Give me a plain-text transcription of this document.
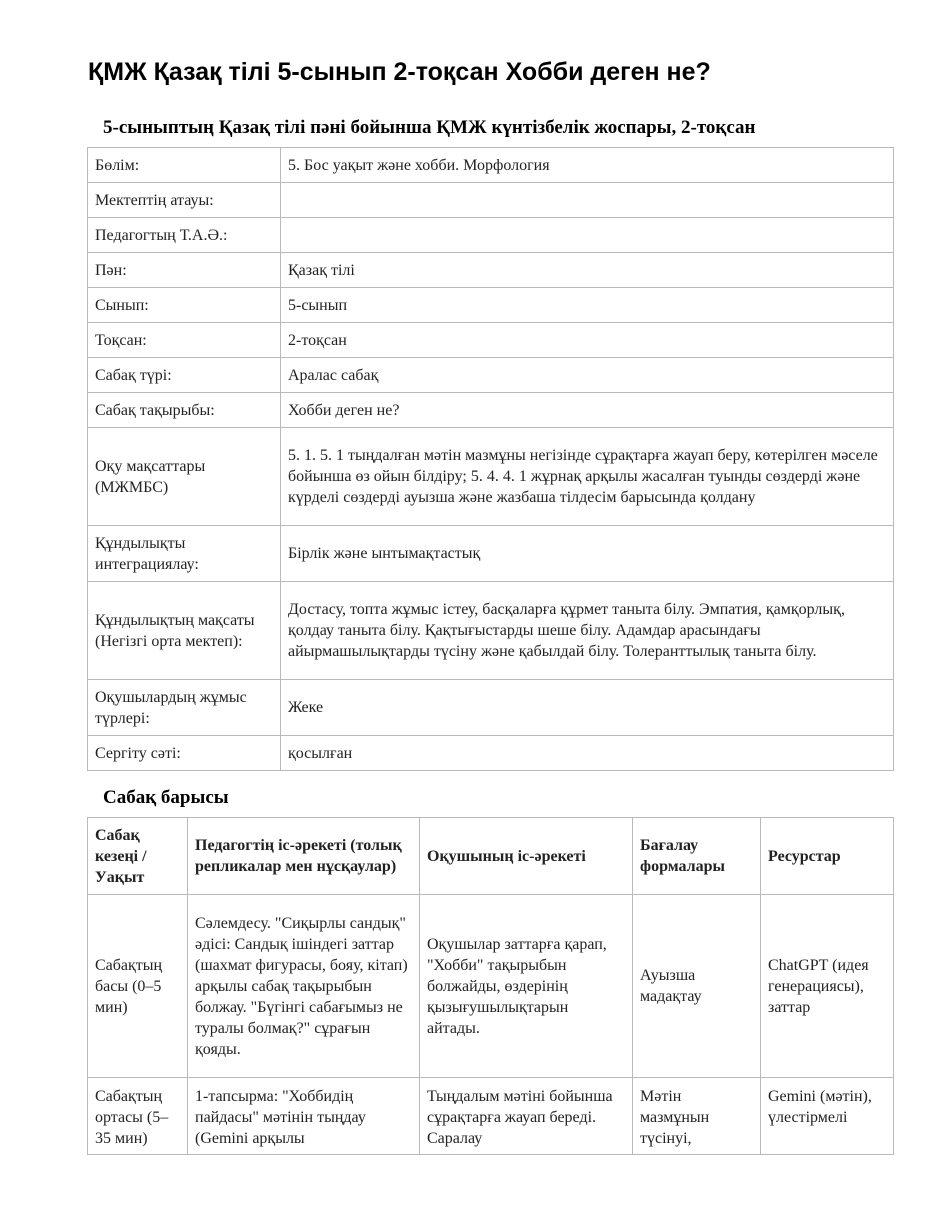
ҚМЖ Қазақ тілі 5-сынып 2-тоқсан Хобби деген не?
5-сыныптың Қазақ тілі пәні бойынша ҚМЖ күнтізбелік жоспары, 2-тоқсан
Бөлім:	5. Бос уақыт және хобби. Морфология
Мектептің атауы:	
Педагогтың Т.А.Ә.:	
Пән:	Қазақ тілі
Сынып:	5-сынып
Тоқсан:	2-тоқсан
Сабақ түрі:	Аралас сабақ
Сабақ тақырыбы:	Хобби деген не?
Оқу мақсаттары (МЖМБС)	5. 1. 5. 1 тыңдалған мәтін мазмұны негізінде сұрақтарға жауап беру, көтерілген мәселе бойынша өз ойын білдіру; 5. 4. 4. 1 жұрнақ арқылы жасалған туынды сөздерді және күрделі сөздерді ауызша және жазбаша тілдесім барысында қолдану
Құндылықты интеграциялау:	Бірлік және ынтымақтастық
Құндылықтың мақсаты (Негізгі орта мектеп):	Достасу, топта жұмыс істеу, басқаларға құрмет таныта білу. Эмпатия, қамқорлық, қолдау таныта білу. Қақтығыстарды шеше білу. Адамдар арасындағы айырмашылықтарды түсіну және қабылдай білу. Толеранттылық таныта білу.
Оқушылардың жұмыс түрлері:	Жеке
Сергіту сәті:	қосылған
Сабақ барысы
Сабақ кезеңі / Уақыт	Педагогтің іс-әрекеті (толық репликалар мен нұсқаулар)	Оқушының іс-әрекеті	Бағалау формалары	Ресурстар
Сабақтың басы (0–5 мин)	Сәлемдесу. "Сиқырлы сандық" әдісі: Сандық ішіндегі заттар (шахмат фигурасы, бояу, кітап) арқылы сабақ тақырыбын болжау. "Бүгінгі сабағымыз не туралы болмақ?" сұрағын қояды.	Оқушылар заттарға қарап, "Хобби" тақырыбын болжайды, өздерінің қызығушылықтарын айтады.	Ауызша мадақтау	ChatGPT (идея генерациясы), заттар
Сабақтың ортасы (5–35 мин)	1-тапсырма: "Хоббидің пайдасы" мәтінін тыңдау (Gemini арқылы	Тыңдалым мәтіні бойынша сұрақтарға жауап береді. Саралау	Мәтін мазмұнын түсінуі,	Gemini (мәтін), үлестірмелі
